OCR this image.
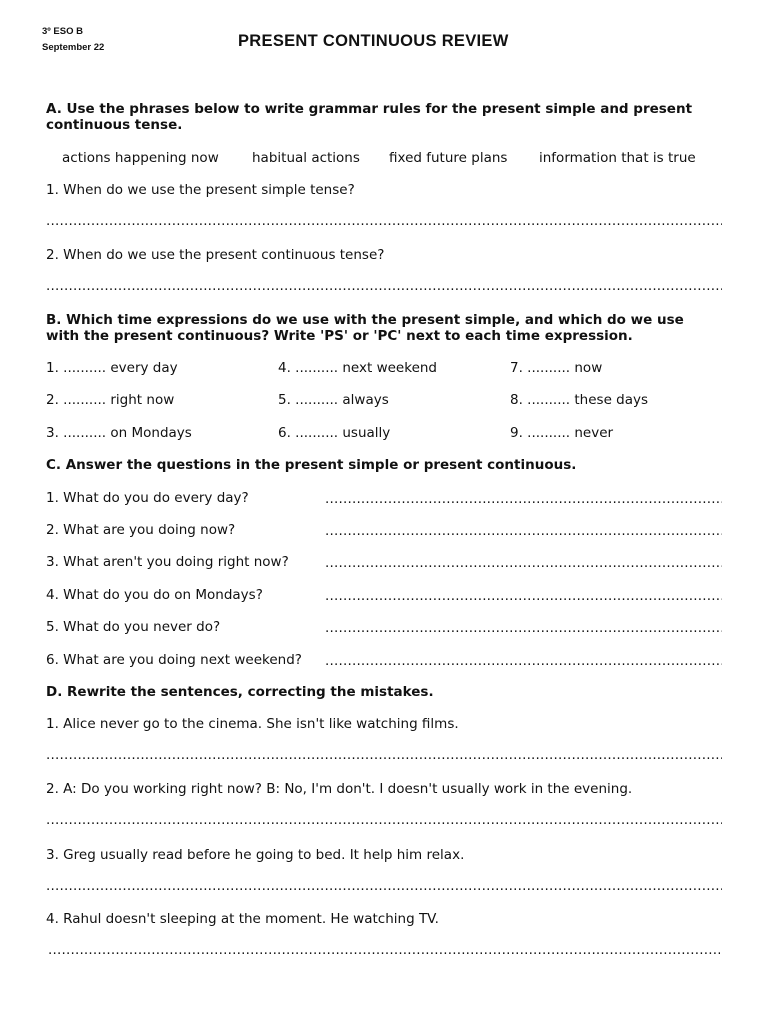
3º ESO B
September 22	PRESENT CONTINUOUS REVIEW
A. Use the phrases below to write grammar rules for the present simple and present
continuous tense.
actions happening now habitual actions fixed future plans information that is true
1. When do we use the present simple tense?
.....
2. When do we use the present continuous tense?
.....
B. Which time expressions do we use with the present simple, and which do we use
with the present continuous? Write 'PS' or 'PC' next to each time expression.
1. .......... every day	4. .......... next weekend	7. .......... now
2. .......... right now	5. .......... always	8. .......... these days
3. .......... on Mondays	6. .......... usually	9. .......... never
C. Answer the questions in the present simple or present continuous.
1. What do you do every day?
.....
2. What are you doing now?
.....
3. What aren't you doing right now?
.....
4. What do you do on Mondays?
.....
5. What do you never do?
.....
6. What are you doing next weekend?
.....
D. Rewrite the sentences, correcting the mistakes.
1. Alice never go to the cinema. She isn't like watching films.
.....
2. A: Do you working right now? B: No, I'm don't. I doesn't usually work in the evening.
.....
3. Greg usually read before he going to bed. It help him relax.
.....
4. Rahul doesn't sleeping at the moment. He watching TV.
.....
